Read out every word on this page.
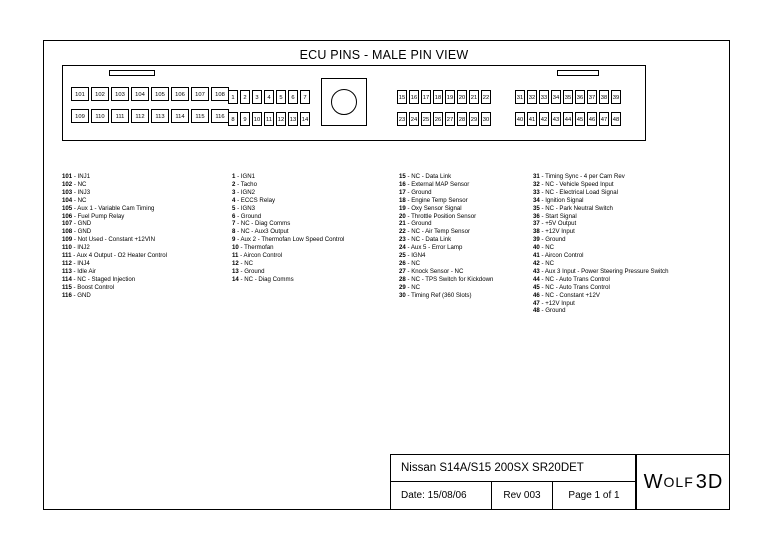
ECU PINS - MALE PIN VIEW
101	102	103	104	105	106	107	108
109	110	111	112	113	114	115	116
1	2	3	4	5	6	7
8	9	10 11 12 13 14
15 16 17 18 19 20 21 22
23 24 25 26 27 28 29 30
31 32 33 34 35 36 37 38 39
40 41 42 43 44 45 46 47 48
101 - INJ1
102 - NC
103 - INJ3
104 - NC
105 - Aux 1 - Variable Cam Timing
106 - Fuel Pump Relay
107 - GND
108 - GND
109 - Not Used - Constant +12VIN
110 - INJ2
111 - Aux 4 Output - O2 Heater Control
112 - INJ4
113 - Idle Air
114 - NC - Staged Injection
115 - Boost Control
116 - GND
1 - IGN1
2 - Tacho
3 - IGN2
4 - ECCS Relay
5 - IGN3
6 - Ground
7 - NC - Diag Comms
8 - NC - Aux3 Output
9 - Aux 2 - Thermofan Low Speed Control
10 - Thermofan
11 - Aircon Control
12 - NC
13 - Ground
14 - NC - Diag Comms
15 - NC - Data Link
16 - External MAP Sensor
17 - Ground
18 - Engine Temp Sensor
19 - Oxy Sensor Signal
20 - Throttle Position Sensor
21 - Ground
22 - NC - Air Temp Sensor
23 - NC - Data Link
24 - Aux 5 - Error Lamp
25 - IGN4
26 - NC
27 - Knock Sensor - NC
28 - NC - TPS Switch for Kickdown
29 - NC
30 - Timing Ref (360 Slots)
31 - Timing Sync - 4 per Cam Rev
32 - NC - Vehicle Speed Input
33 - NC - Electrical Load Signal
34 - Ignition Signal
35 - NC - Park Neutral Switch
36 - Start Signal
37 - +5V Output
38 - +12V Input
39 - Ground
40 - NC
41 - Aircon Control
42 - NC
43 - Aux 3 Input - Power Steering Pressure Switch
44 - NC - Auto Trans Control
45 - NC - Auto Trans Control
46 - NC - Constant +12V
47 - +12V Input
48 - Ground
Nissan S14A/S15 200SX SR20DET
Date: 15/08/06	Rev 003	Page 1 of 1
W OLF 3D
